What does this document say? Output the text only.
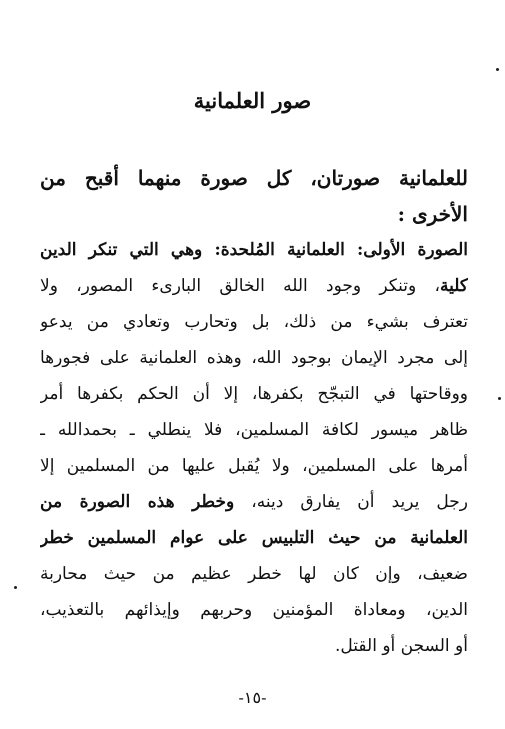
صور العلمانية
للعلمانية صورتان، كل صورة منهما أقبح من
الأخرى :
الصورة الأولى: العلمانية المُلحدة: وهي التي تنكر الدين
كلية، وتنكر وجود الله الخالق البارىء المصور، ولا
تعترف بشيء من ذلك، بل وتحارب وتعادي من يدعو
إلى مجرد الإيمان بوجود الله، وهذه العلمانية على فجورها
ووقاحتها في التبجّح بكفرها، إلا أن الحكم بكفرها أمر
ظاهر ميسور لكافة المسلمين، فلا ينطلي ـ بحمدالله ـ
أمرها على المسلمين، ولا يُقبل عليها من المسلمين إلا
رجل يريد أن يفارق دينه، وخطر هذه الصورة من
العلمانية من حيث التلبيس على عوام المسلمين خطر
ضعيف، وإن كان لها خطر عظيم من حيث محاربة
الدين، ومعاداة المؤمنين وحربهم وإيذائهم بالتعذيب،
أو السجن أو القتل.
-١٥-
